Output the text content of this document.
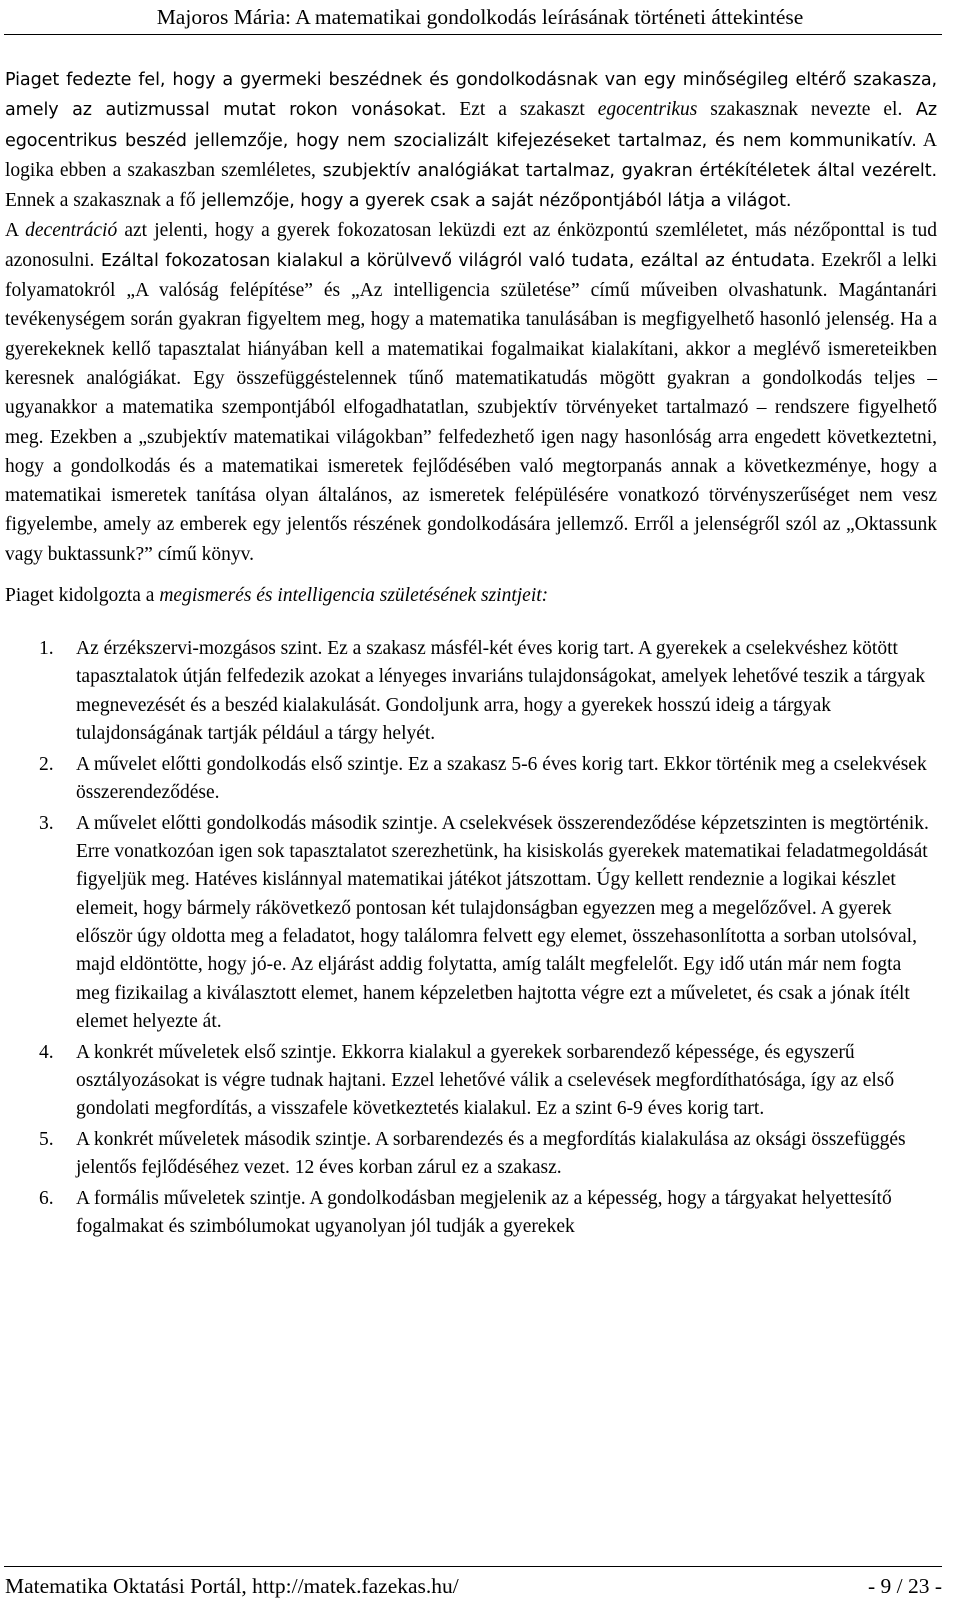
Majoros Mária: A matematikai gondolkodás leírásának történeti áttekintése

Piaget fedezte fel, hogy a gyermeki beszédnek és gondolkodásnak van egy minőségileg eltérő szakasza, amely az autizmussal mutat rokon vonásokat. Ezt a szakaszt egocentrikus szakasznak nevezte el. Az egocentrikus beszéd jellemzője, hogy nem szocializált kifejezéseket tartalmaz, és nem kommunikatív. A logika ebben a szakaszban szemléletes, szubjektív analógiákat tartalmaz, gyakran értékítéletek által vezérelt. Ennek a szakasznak a fő jellemzője, hogy a gyerek csak a saját nézőpontjából látja a világot.

A decentráció azt jelenti, hogy a gyerek fokozatosan leküzdi ezt az énközpontú szemléletet, más nézőponttal is tud azonosulni. Ezáltal fokozatosan kialakul a körülvevő világról való tudata, ezáltal az éntudata. Ezekről a lelki folyamatokról „A valóság felépítése” és „Az intelligencia születése” című műveiben olvashatunk. Magántanári tevékenységem során gyakran figyeltem meg, hogy a matematika tanulásában is megfigyelhető hasonló jelenség. Ha a gyerekeknek kellő tapasztalat hiányában kell a matematikai fogalmaikat kialakítani, akkor a meglévő ismereteikben keresnek analógiákat. Egy összefüggéstelennek tűnő matematikatudás mögött gyakran a gondolkodás teljes – ugyanakkor a matematika szempontjából elfogadhatatlan, szubjektív törvényeket tartalmazó – rendszere figyelhető meg. Ezekben a „szubjektív matematikai világokban” felfedezhető igen nagy hasonlóság arra engedett következtetni, hogy a gondolkodás és a matematikai ismeretek fejlődésében való megtorpanás annak a következménye, hogy a matematikai ismeretek tanítása olyan általános, az ismeretek felépülésére vonatkozó törvényszerűséget nem vesz figyelembe, amely az emberek egy jelentős részének gondolkodására jellemző. Erről a jelenségről szól az „Oktassunk vagy buktassunk?” című könyv.

Piaget kidolgozta a megismerés és intelligencia születésének szintjeit:

1. Az érzékszervi-mozgásos szint. Ez a szakasz másfél-két éves korig tart. A gyerekek a cselekvéshez kötött tapasztalatok útján felfedezik azokat a lényeges invariáns tulajdonságokat, amelyek lehetővé teszik a tárgyak megnevezését és a beszéd kialakulását. Gondoljunk arra, hogy a gyerekek hosszú ideig a tárgyak tulajdonságának tartják például a tárgy helyét.
2. A művelet előtti gondolkodás első szintje. Ez a szakasz 5-6 éves korig tart. Ekkor történik meg a cselekvések összerendeződése.
3. A művelet előtti gondolkodás második szintje. A cselekvések összerendeződése képzetszinten is megtörténik. Erre vonatkozóan igen sok tapasztalatot szerezhetünk, ha kisiskolás gyerekek matematikai feladatmegoldását figyeljük meg. Hatéves kislánnyal matematikai játékot játszottam. Úgy kellett rendeznie a logikai készlet elemeit, hogy bármely rákövetkező pontosan két tulajdonságban egyezzen meg a megelőzővel. A gyerek először úgy oldotta meg a feladatot, hogy találomra felvett egy elemet, összehasonlította a sorban utolsóval, majd eldöntötte, hogy jó-e. Az eljárást addig folytatta, amíg talált megfelelőt. Egy idő után már nem fogta meg fizikailag a kiválasztott elemet, hanem képzeletben hajtotta végre ezt a műveletet, és csak a jónak ítélt elemet helyezte át.
4. A konkrét műveletek első szintje. Ekkorra kialakul a gyerekek sorbarendező képessége, és egyszerű osztályozásokat is végre tudnak hajtani. Ezzel lehetővé válik a cselevések megfordíthatósága, így az első gondolati megfordítás, a visszafele következtetés kialakul. Ez a szint 6-9 éves korig tart.
5. A konkrét műveletek második szintje. A sorbarendezés és a megfordítás kialakulása az oksági összefüggés jelentős fejlődéséhez vezet. 12 éves korban zárul ez a szakasz.
6. A formális műveletek szintje. A gondolkodásban megjelenik az a képesség, hogy a tárgyakat helyettesítő fogalmakat és szimbólumokat ugyanolyan jól tudják a gyerekek
Matematika Oktatási Portál, http://matek.fazekas.hu/	- 9 / 23 -
